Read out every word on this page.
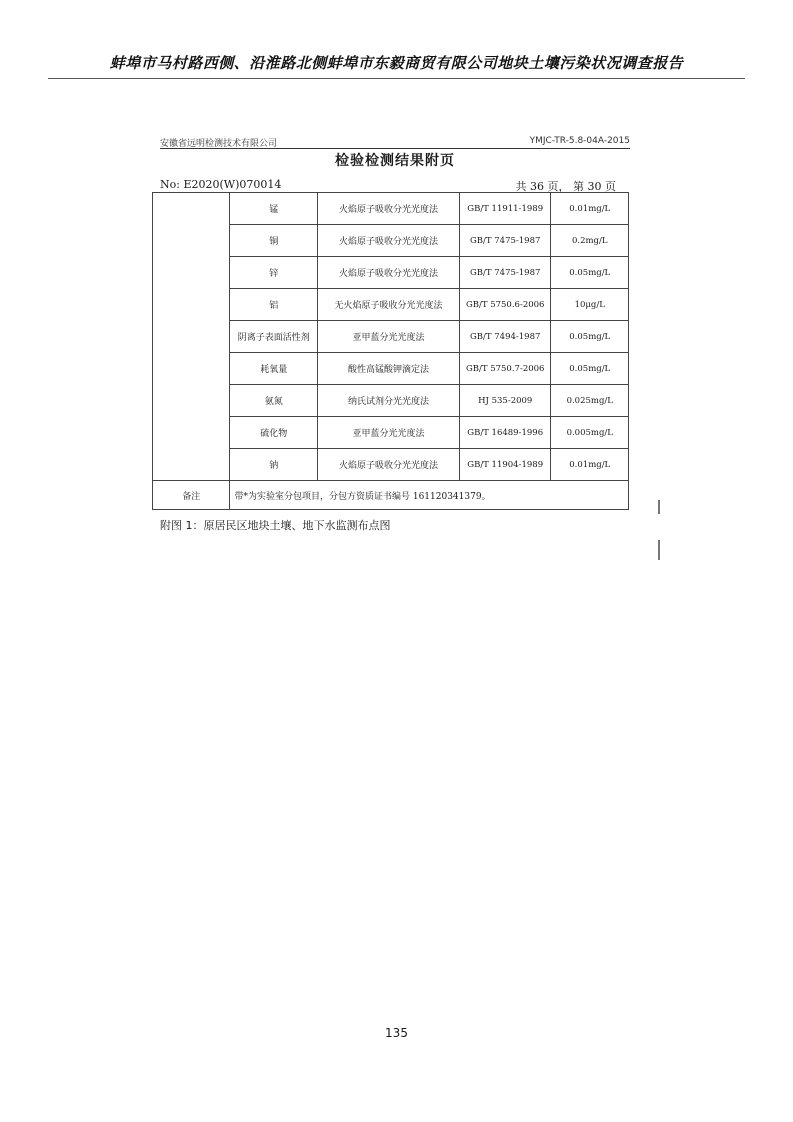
蚌埠市马村路西侧、沿淮路北侧蚌埠市东毅商贸有限公司地块土壤污染状况调查报告
安徽省远明检测技术有限公司	YMJC-TR-5.8-04A-2015
检验检测结果附页
No: E2020(W)070014	共 36 页， 第 30 页
	锰	火焰原子吸收分光光度法	GB/T 11911-1989	0.01mg/L
	铜	火焰原子吸收分光光度法	GB/T 7475-1987	0.2mg/L
	锌	火焰原子吸收分光光度法	GB/T 7475-1987	0.05mg/L
	铝	无火焰原子吸收分光光度法	GB/T 5750.6-2006	10μg/L
	阴离子表面活性剂	亚甲蓝分光光度法	GB/T 7494-1987	0.05mg/L
	耗氧量	酸性高锰酸钾滴定法	GB/T 5750.7-2006	0.05mg/L
	氨氮	纳氏试剂分光光度法	HJ 535-2009	0.025mg/L
	硫化物	亚甲蓝分光光度法	GB/T 16489-1996	0.005mg/L
	钠	火焰原子吸收分光光度法	GB/T 11904-1989	0.01mg/L
备注	带*为实验室分包项目，分包方资质证书编号 161120341379。			
附图 1：原居民区地块土壤、地下水监测布点图
135
